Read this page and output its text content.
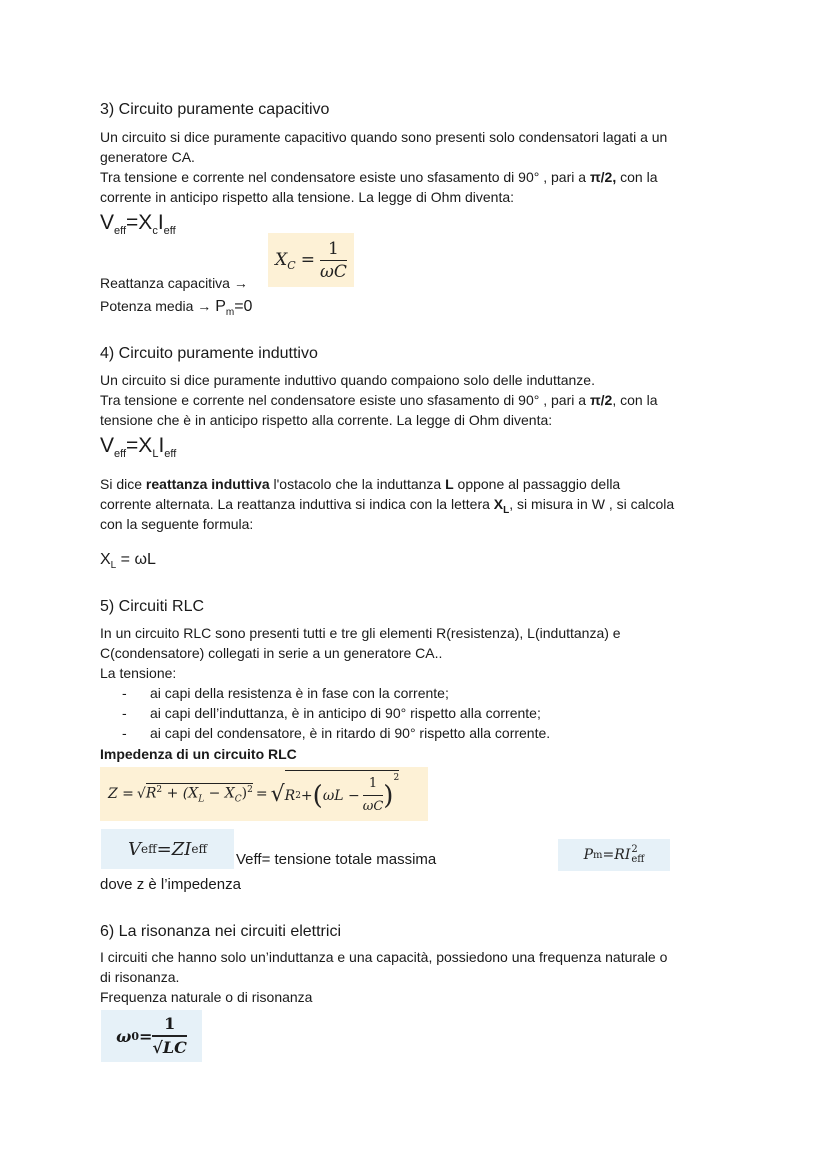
3) Circuito puramente capacitivo
Un circuito si dice puramente capacitivo quando sono presenti solo condensatori lagati a un
generatore CA.
Tra tensione e corrente nel condensatore esiste uno sfasamento di 90° , pari a π/2, con la
corrente in anticipo rispetto alla tensione. La legge di Ohm diventa:
$V_{eff}=X_cI_{eff}$
X $C = \frac{1}{\omega C}$
Reattanza capacitiva →
Potenza media → $P_m=0$
4) Circuito puramente induttivo
Un circuito si dice puramente induttivo quando compaiono solo delle induttanze.
Tra tensione e corrente nel condensatore esiste uno sfasamento di 90° , pari a π/2, con la
tensione che è in anticipo rispetto alla corrente. La legge di Ohm diventa:
$V_{eff}=X_LI_{eff}$
Si dice reattanza induttiva l'ostacolo che la induttanza L oppone al passaggio della
corrente alternata. La reattanza induttiva si indica con la lettera $X_L$, si misura in W , si calcola
con la seguente formula:
$X_L = \omega L$
5) Circuiti RLC
In un circuito RLC sono presenti tutti e tre gli elementi R(resistenza), L(induttanza) e
C(condensatore) collegati in serie a un generatore CA..
La tensione:
- ai capi della resistenza è in fase con la corrente;
- ai capi dell’induttanza, è in anticipo di 90° rispetto alla corrente;
- ai capi del condensatore, è in ritardo di 90° rispetto alla corrente.
Impedenza di un circuito RLC
Z = √ $R^2 + (X_L - X_C)^2$ = √ R 2 + ( $\omega L - \frac{1}{\omega C}$ )
$^2$
V eff = Z I eff
Veff= tensione totale massima	P m = R I 2
eff
dove z è l’impedenza
6) La risonanza nei circuiti elettrici
I circuiti che hanno solo un’induttanza e una capacità, possiedono una frequenza naturale o
di risonanza.
Frequenza naturale o di risonanza
ω $0 = \frac{1}{√LC}$
